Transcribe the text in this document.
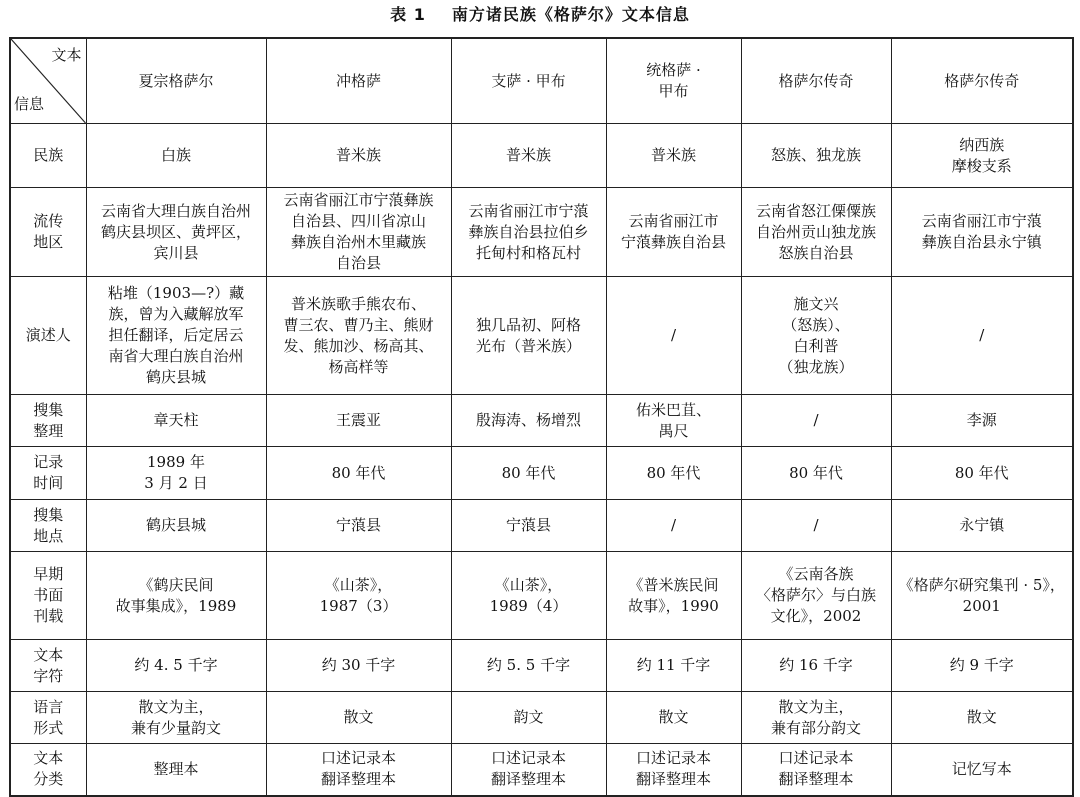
表 1 南方诸民族《格萨尔》文本信息

文本

信息	夏宗格萨尔	冲格萨	支萨 · 甲布	统格萨 ·
甲布	格萨尔传奇	格萨尔传奇
民族	白族	普米族	普米族	普米族	怒族、独龙族	纳西族
摩梭支系
流传
地区	云南省大理白族自治州
鹤庆县坝区、黄坪区，
宾川县	云南省丽江市宁蒗彝族
自治县、四川省凉山
彝族自治州木里藏族
自治县	云南省丽江市宁蒗
彝族自治县拉伯乡
托甸村和格瓦村	云南省丽江市
宁蒗彝族自治县	云南省怒江傈僳族
自治州贡山独龙族
怒族自治县	云南省丽江市宁蒗
彝族自治县永宁镇
演述人	粘堆（1903—?）藏
族，曾为入藏解放军
担任翻译，后定居云
南省大理白族自治州
鹤庆县城	普米族歌手熊农布、
曹三农、曹乃主、熊财
发、熊加沙、杨高其、
杨高样等	独几品初、阿格
光布（普米族）	/	施文兴
（怒族）、
白利普
（独龙族）	/
搜集
整理	章天柱	王震亚	殷海涛、杨增烈	佑米巴苴、
禺尺	/	李源
记录
时间	1989 年
3 月 2 日	80 年代	80 年代	80 年代	80 年代	80 年代
搜集
地点	鹤庆县城	宁蒗县	宁蒗县	/	/	永宁镇
早期
书面
刊载	《鹤庆民间
故事集成》，1989	《山茶》，
1987（3）	《山茶》，
1989（4）	《普米族民间
故事》，1990	《云南各族
〈格萨尔〉与白族
文化》，2002	《格萨尔研究集刊 · 5》，
2001
文本
字符	约 4. 5 千字	约 30 千字	约 5. 5 千字	约 11 千字	约 16 千字	约 9 千字
语言
形式	散文为主，
兼有少量韵文	散文	韵文	散文	散文为主，
兼有部分韵文	散文
文本
分类	整理本	口述记录本
翻译整理本	口述记录本
翻译整理本	口述记录本
翻译整理本	口述记录本
翻译整理本	记忆写本
